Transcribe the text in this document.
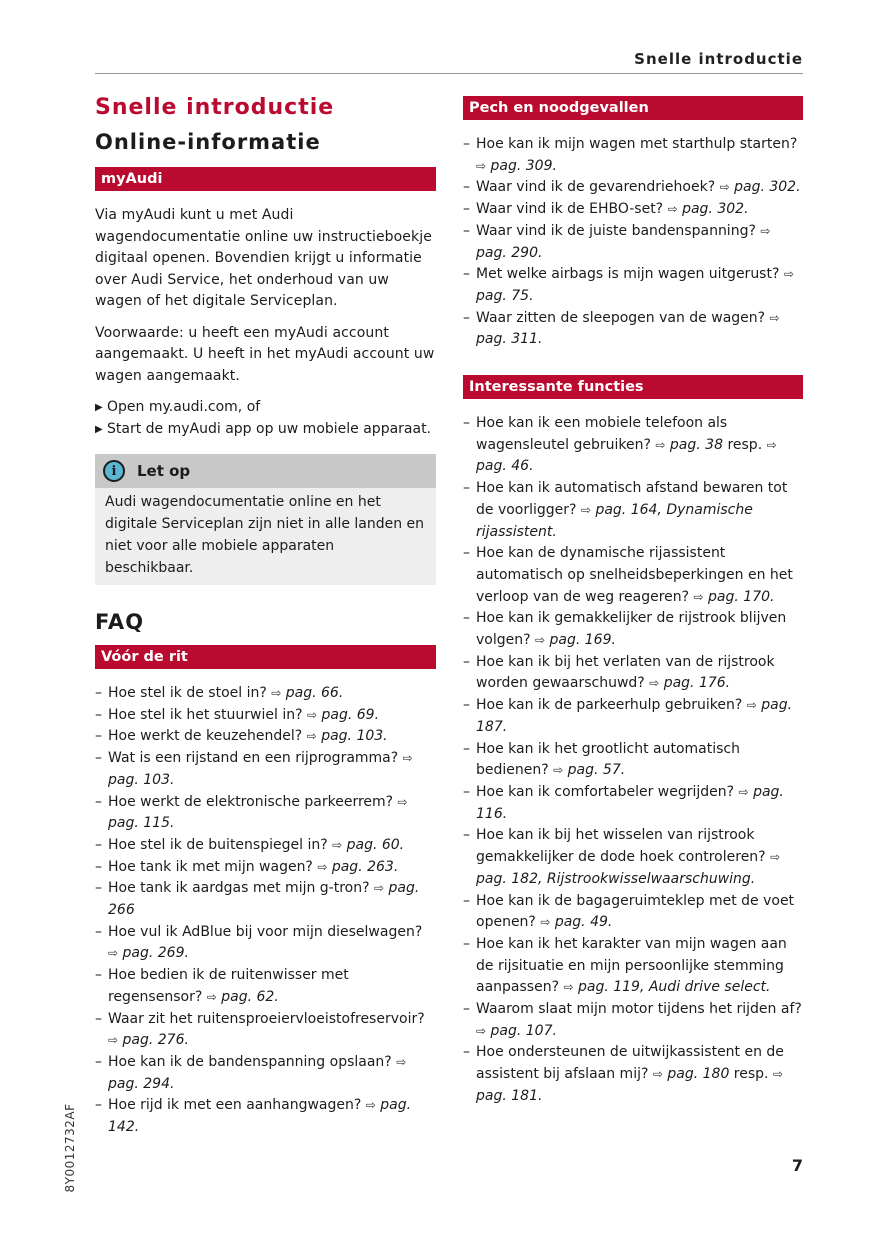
Snelle introductie
Snelle introductie
Online-informatie
myAudi

Via myAudi kunt u met Audi wagendocumentatie online uw instructieboekje digitaal openen. Bovendien krijgt u informatie over Audi Service, het onderhoud van uw wagen of het digitale Serviceplan.

Voorwaarde: u heeft een myAudi account aangemaakt. U heeft in het myAudi account uw wagen aangemaakt.

▶ Open my.audi.com, of
▶ Start de myAudi app op uw mobiele apparaat.
i	Let op
Audi wagendocumentatie online en het digitale Serviceplan zijn niet in alle landen en niet voor alle mobiele apparaten beschikbaar.
FAQ
Vóór de rit
– Hoe stel ik de stoel in? ⇨ pag. 66.
– Hoe stel ik het stuurwiel in? ⇨ pag. 69.
– Hoe werkt de keuzehendel? ⇨ pag. 103.
– Wat is een rijstand en een rijprogramma? ⇨ pag. 103.
– Hoe werkt de elektronische parkeerrem? ⇨ pag. 115.
– Hoe stel ik de buitenspiegel in? ⇨ pag. 60.
– Hoe tank ik met mijn wagen? ⇨ pag. 263.
– Hoe tank ik aardgas met mijn g-tron? ⇨ pag. 266
– Hoe vul ik AdBlue bij voor mijn dieselwagen? ⇨ pag. 269.
– Hoe bedien ik de ruitenwisser met regensensor? ⇨ pag. 62.
– Waar zit het ruitensproeiervloeistofreservoir? ⇨ pag. 276.
– Hoe kan ik de bandenspanning opslaan? ⇨ pag. 294.
– Hoe rijd ik met een aanhangwagen? ⇨ pag. 142.
Pech en noodgevallen
– Hoe kan ik mijn wagen met starthulp starten? ⇨ pag. 309.
– Waar vind ik de gevarendriehoek? ⇨ pag. 302.
– Waar vind ik de EHBO-set? ⇨ pag. 302.
– Waar vind ik de juiste bandenspanning? ⇨ pag. 290.
– Met welke airbags is mijn wagen uitgerust? ⇨ pag. 75.
– Waar zitten de sleepogen van de wagen? ⇨ pag. 311.
Interessante functies
– Hoe kan ik een mobiele telefoon als wagensleutel gebruiken? ⇨ pag. 38 resp. ⇨ pag. 46.
– Hoe kan ik automatisch afstand bewaren tot de voorligger? ⇨ pag. 164, Dynamische rijassistent.
– Hoe kan de dynamische rijassistent automatisch op snelheidsbeperkingen en het verloop van de weg reageren? ⇨ pag. 170.
– Hoe kan ik gemakkelijker de rijstrook blijven volgen? ⇨ pag. 169.
– Hoe kan ik bij het verlaten van de rijstrook worden gewaarschuwd? ⇨ pag. 176.
– Hoe kan ik de parkeerhulp gebruiken? ⇨ pag. 187.
– Hoe kan ik het grootlicht automatisch bedienen? ⇨ pag. 57.
– Hoe kan ik comfortabeler wegrijden? ⇨ pag. 116.
– Hoe kan ik bij het wisselen van rijstrook gemakkelijker de dode hoek controleren? ⇨ pag. 182, Rijstrookwisselwaarschuwing.
– Hoe kan ik de bagageruimteklep met de voet openen? ⇨ pag. 49.
– Hoe kan ik het karakter van mijn wagen aan de rijsituatie en mijn persoonlijke stemming aanpassen? ⇨ pag. 119, Audi drive select.
– Waarom slaat mijn motor tijdens het rijden af? ⇨ pag. 107.
– Hoe ondersteunen de uitwijkassistent en de assistent bij afslaan mij? ⇨ pag. 180 resp. ⇨ pag. 181.
8Y0012732AF	7
